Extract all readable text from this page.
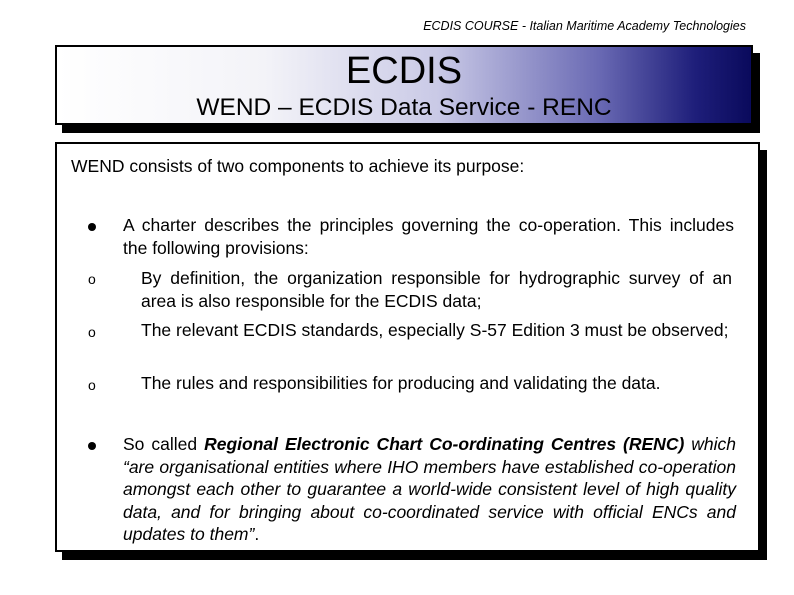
ECDIS COURSE - Italian Maritime Academy Technologies
ECDIS
WEND – ECDIS Data Service - RENC
WEND consists of two components to achieve its purpose:
A charter describes the principles governing the co-operation. This includes the following provisions:
o	By definition, the organization responsible for hydrographic survey of an area is also responsible for the ECDIS data;
o	The relevant ECDIS standards, especially S-57 Edition 3 must be observed;
o	The rules and responsibilities for producing and validating the data.
So called Regional Electronic Chart Co-ordinating Centres (RENC) which “are organisational entities where IHO members have established co-operation amongst each other to guarantee a world-wide consistent level of high quality data, and for bringing about co-coordinated service with official ENCs and updates to them”.
